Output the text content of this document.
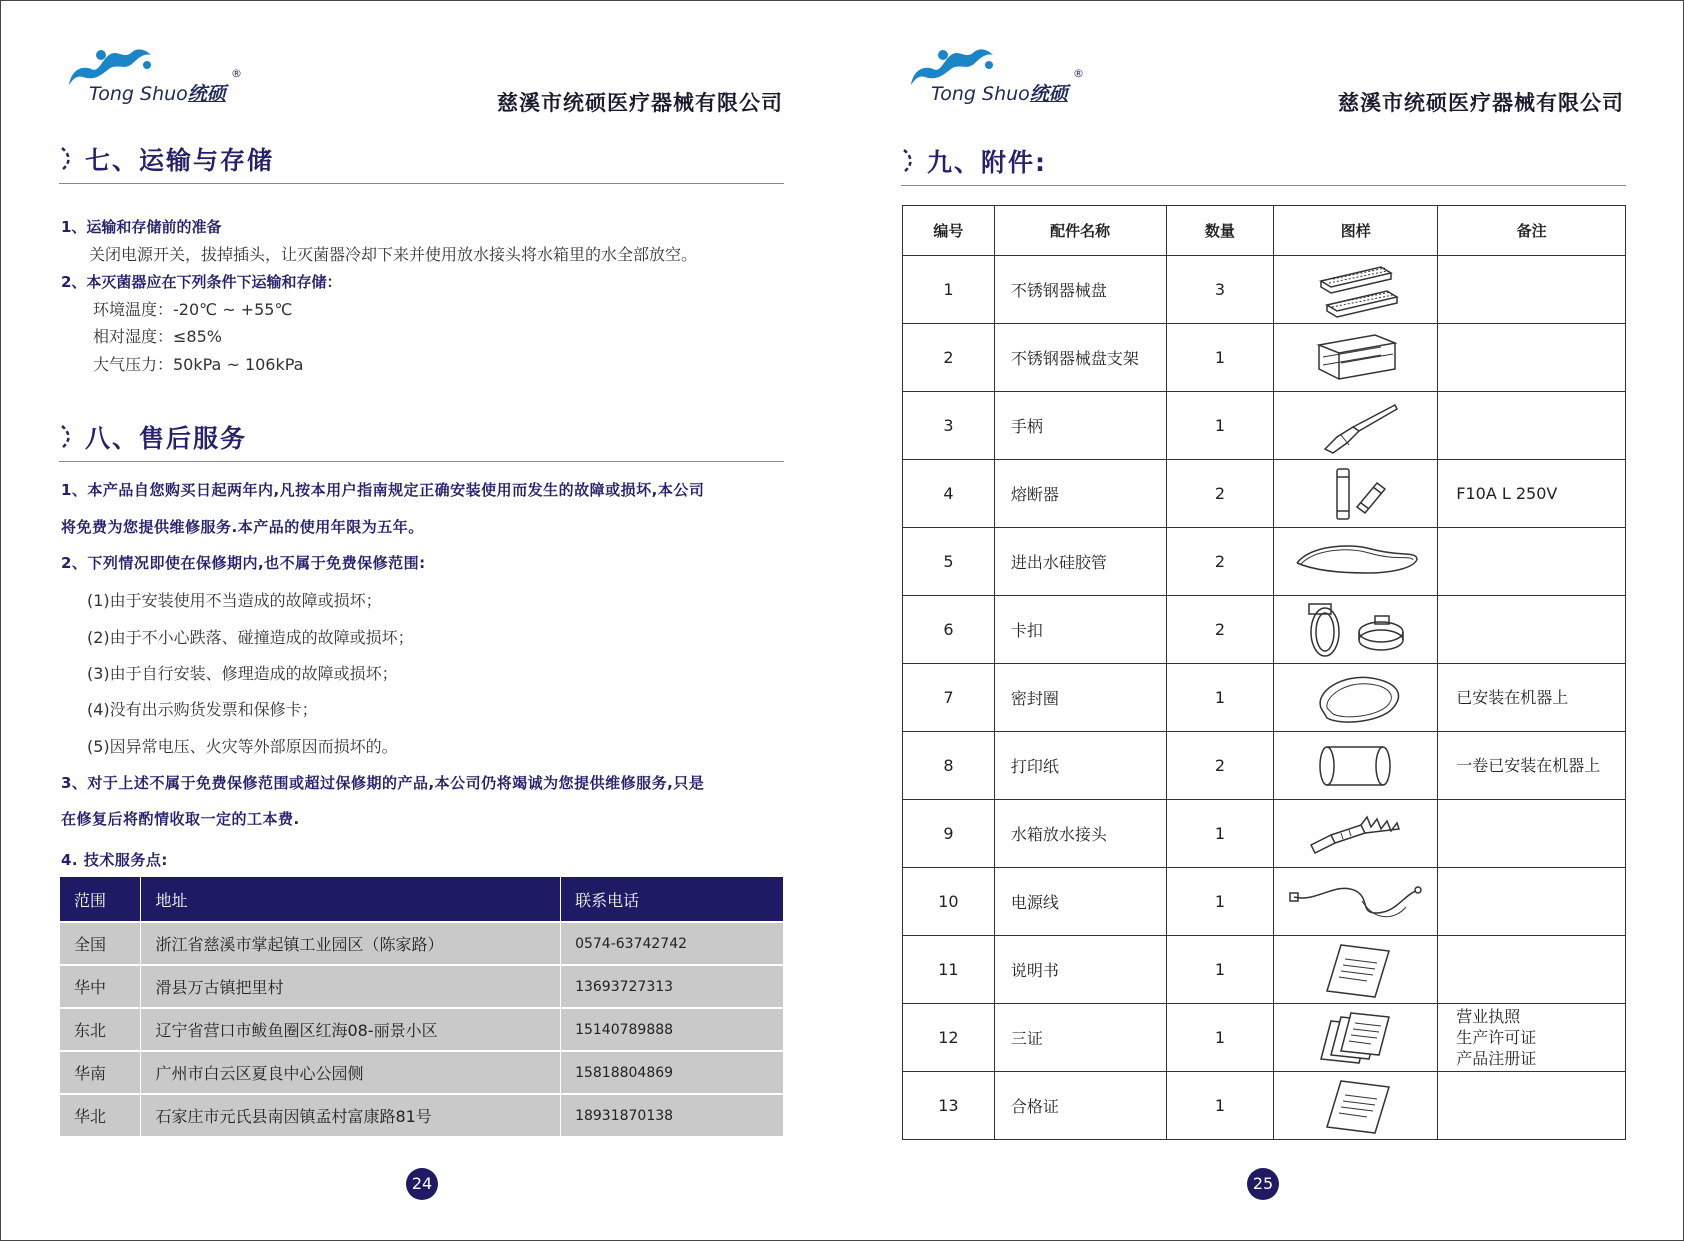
Tong Shuo统硕
®
慈溪市统硕医疗器械有限公司
七、运输与存储
1、运输和存储前的准备
关闭电源开关，拔掉插头，让灭菌器冷却下来并使用放水接头将水箱里的水全部放空。
2、本灭菌器应在下列条件下运输和存储：
环境温度：-20℃ ~ +55℃
相对湿度：≤85%
大气压力：50kPa ~ 106kPa
八、售后服务
1、本产品自您购买日起两年内,凡按本用户指南规定正确安装使用而发生的故障或损坏,本公司
将免费为您提供维修服务.本产品的使用年限为五年。
2、下列情况即使在保修期内,也不属于免费保修范围:
(1)由于安装使用不当造成的故障或损坏；
(2)由于不小心跌落、碰撞造成的故障或损坏；
(3)由于自行安装、修理造成的故障或损坏；
(4)没有出示购货发票和保修卡；
(5)因异常电压、火灾等外部原因而损坏的。
3、对于上述不属于免费保修范围或超过保修期的产品,本公司仍将竭诚为您提供维修服务,只是
在修复后将酌情收取一定的工本费.
4. 技术服务点:
范围	地址	联系电话
全国	浙江省慈溪市掌起镇工业园区（陈家路）	0574-63742742
华中	滑县万古镇把里村	13693727313
东北	辽宁省营口市鲅鱼圈区红海08-丽景小区	15140789888
华南	广州市白云区夏良中心公园侧	15818804869
华北	石家庄市元氏县南因镇孟村富康路81号	18931870138
24
Tong Shuo统硕
®
慈溪市统硕医疗器械有限公司
九、附件:
编号	配件名称	数量	图样	备注
1	不锈钢器械盘	3	

2	不锈钢器械盘支架	1	

3	手柄	1	

4	熔断器	2		F10A L 250V
5	进出水硅胶管	2	

6	卡扣	2	

7	密封圈	1		已安装在机器上
8	打印纸	2		一卷已安装在机器上
9	水箱放水接头	1	

10	电源线	1	

11	说明书	1	

12	三证	1		营业执照
生产许可证
产品注册证

13	合格证	1	

25
